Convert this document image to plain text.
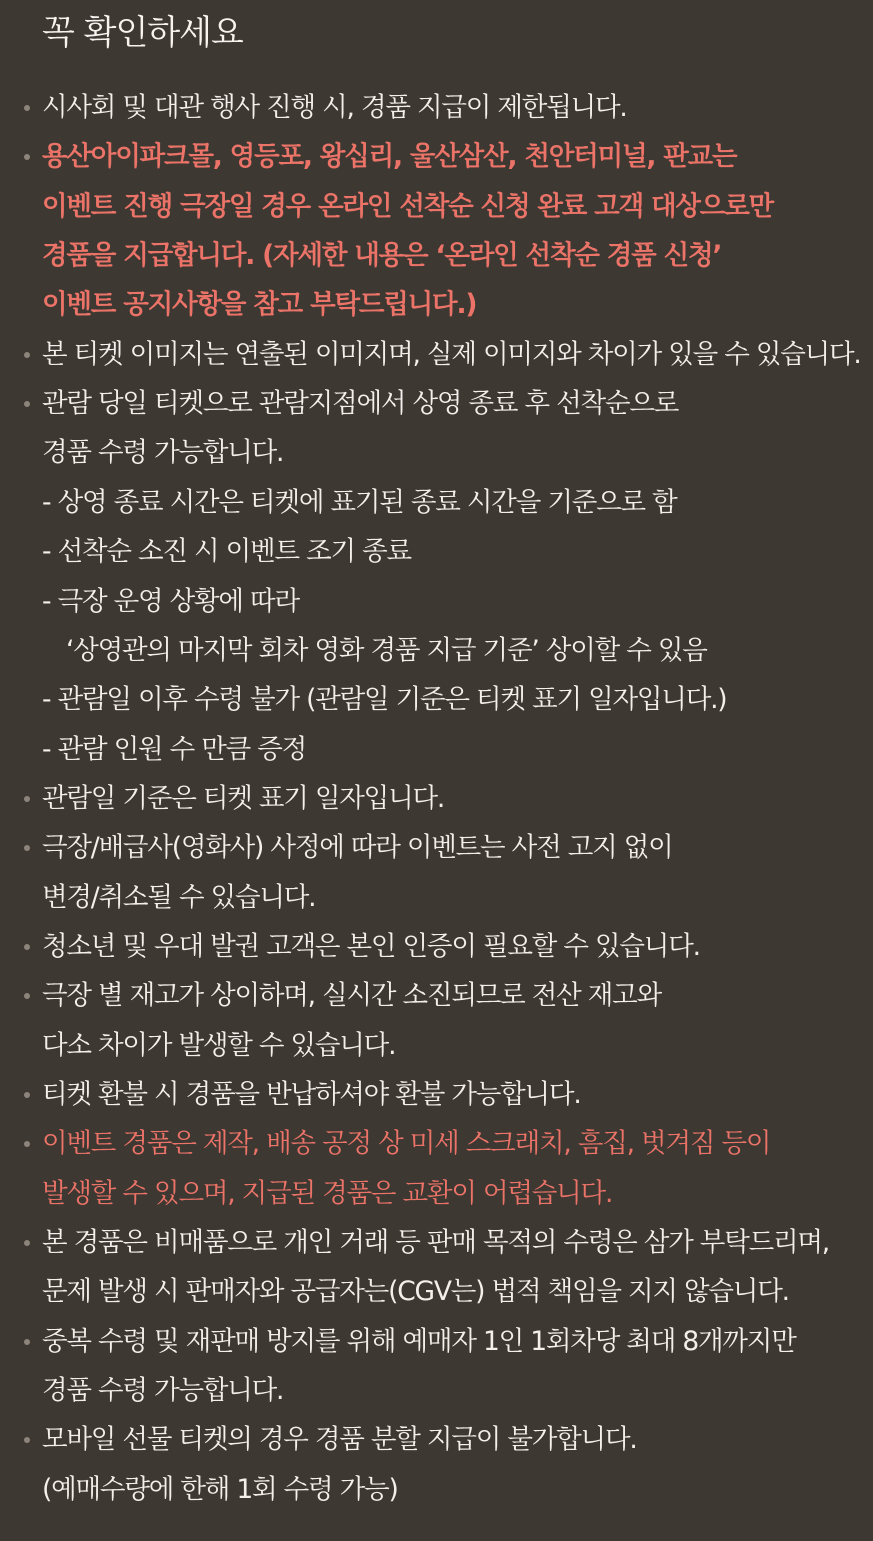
꼭 확인하세요
시사회 및 대관 행사 진행 시, 경품 지급이 제한됩니다.
용산아이파크몰, 영등포, 왕십리, 울산삼산, 천안터미널, 판교는
이벤트 진행 극장일 경우 온라인 선착순 신청 완료 고객 대상으로만
경품을 지급합니다. (자세한 내용은 ‘온라인 선착순 경품 신청’
이벤트 공지사항을 참고 부탁드립니다.)
본 티켓 이미지는 연출된 이미지며, 실제 이미지와 차이가 있을 수 있습니다.
관람 당일 티켓으로 관람지점에서 상영 종료 후 선착순으로
경품 수령 가능합니다.
- 상영 종료 시간은 티켓에 표기된 종료 시간을 기준으로 함
- 선착순 소진 시 이벤트 조기 종료
- 극장 운영 상황에 따라
‘상영관의 마지막 회차 영화 경품 지급 기준’ 상이할 수 있음
- 관람일 이후 수령 불가 (관람일 기준은 티켓 표기 일자입니다.)
- 관람 인원 수 만큼 증정
관람일 기준은 티켓 표기 일자입니다.
극장/배급사(영화사) 사정에 따라 이벤트는 사전 고지 없이
변경/취소될 수 있습니다.
청소년 및 우대 발권 고객은 본인 인증이 필요할 수 있습니다.
극장 별 재고가 상이하며, 실시간 소진되므로 전산 재고와
다소 차이가 발생할 수 있습니다.
티켓 환불 시 경품을 반납하셔야 환불 가능합니다.
이벤트 경품은 제작, 배송 공정 상 미세 스크래치, 흠집, 벗겨짐 등이
발생할 수 있으며, 지급된 경품은 교환이 어렵습니다.
본 경품은 비매품으로 개인 거래 등 판매 목적의 수령은 삼가 부탁드리며,
문제 발생 시 판매자와 공급자는(CGV는) 법적 책임을 지지 않습니다.
중복 수령 및 재판매 방지를 위해 예매자 1인 1회차당 최대 8개까지만
경품 수령 가능합니다.
모바일 선물 티켓의 경우 경품 분할 지급이 불가합니다.
(예매수량에 한해 1회 수령 가능)
